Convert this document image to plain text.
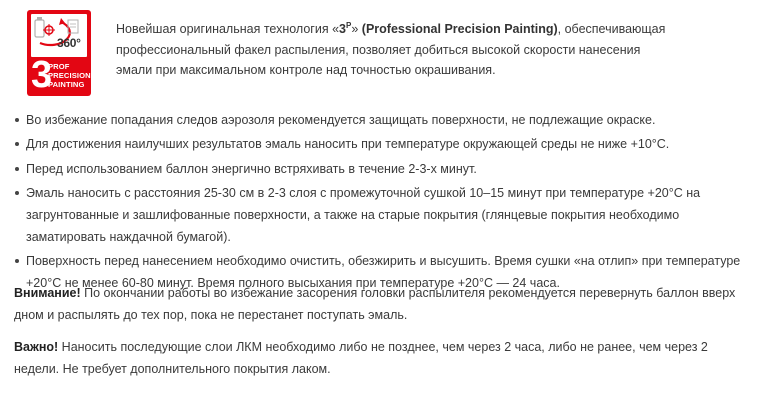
360°
3
PROF
PRECISION
PAINTING

Новейшая оригинальная технология «$3^P$» (Professional Precision Painting), обеспечивающая профессиональный факел распыления, позволяет добиться высокой скорости нанесения эмали при максимальном контроле над точностью окрашивания.

Во избежание попадания следов аэрозоля рекомендуется защищать поверхности, не подлежащие окраске.
Для достижения наилучших результатов эмаль наносить при температуре окружающей среды не ниже +10°С.
Перед использованием баллон энергично встряхивать в течение 2-3-х минут.
Эмаль наносить с расстояния 25-30 см в 2-3 слоя с промежуточной сушкой 10–15 минут при температуре +20°С на загрунтованные и зашлифованные поверхности, а также на старые покрытия (глянцевые покрытия необходимо заматировать наждачной бумагой).
Поверхность перед нанесением необходимо очистить, обезжирить и высушить. Время сушки «на отлип» при температуре +20°С не менее 60-80 минут. Время полного высыхания при температуре +20°С — 24 часа.

Внимание! По окончании работы во избежание засорения головки распылителя рекомендуется перевернуть баллон вверх дном и распылять до тех пор, пока не перестанет поступать эмаль.

Важно! Наносить последующие слои ЛКМ необходимо либо не позднее, чем через 2 часа, либо не ранее, чем через 2 недели. Не требует дополнительного покрытия лаком.
